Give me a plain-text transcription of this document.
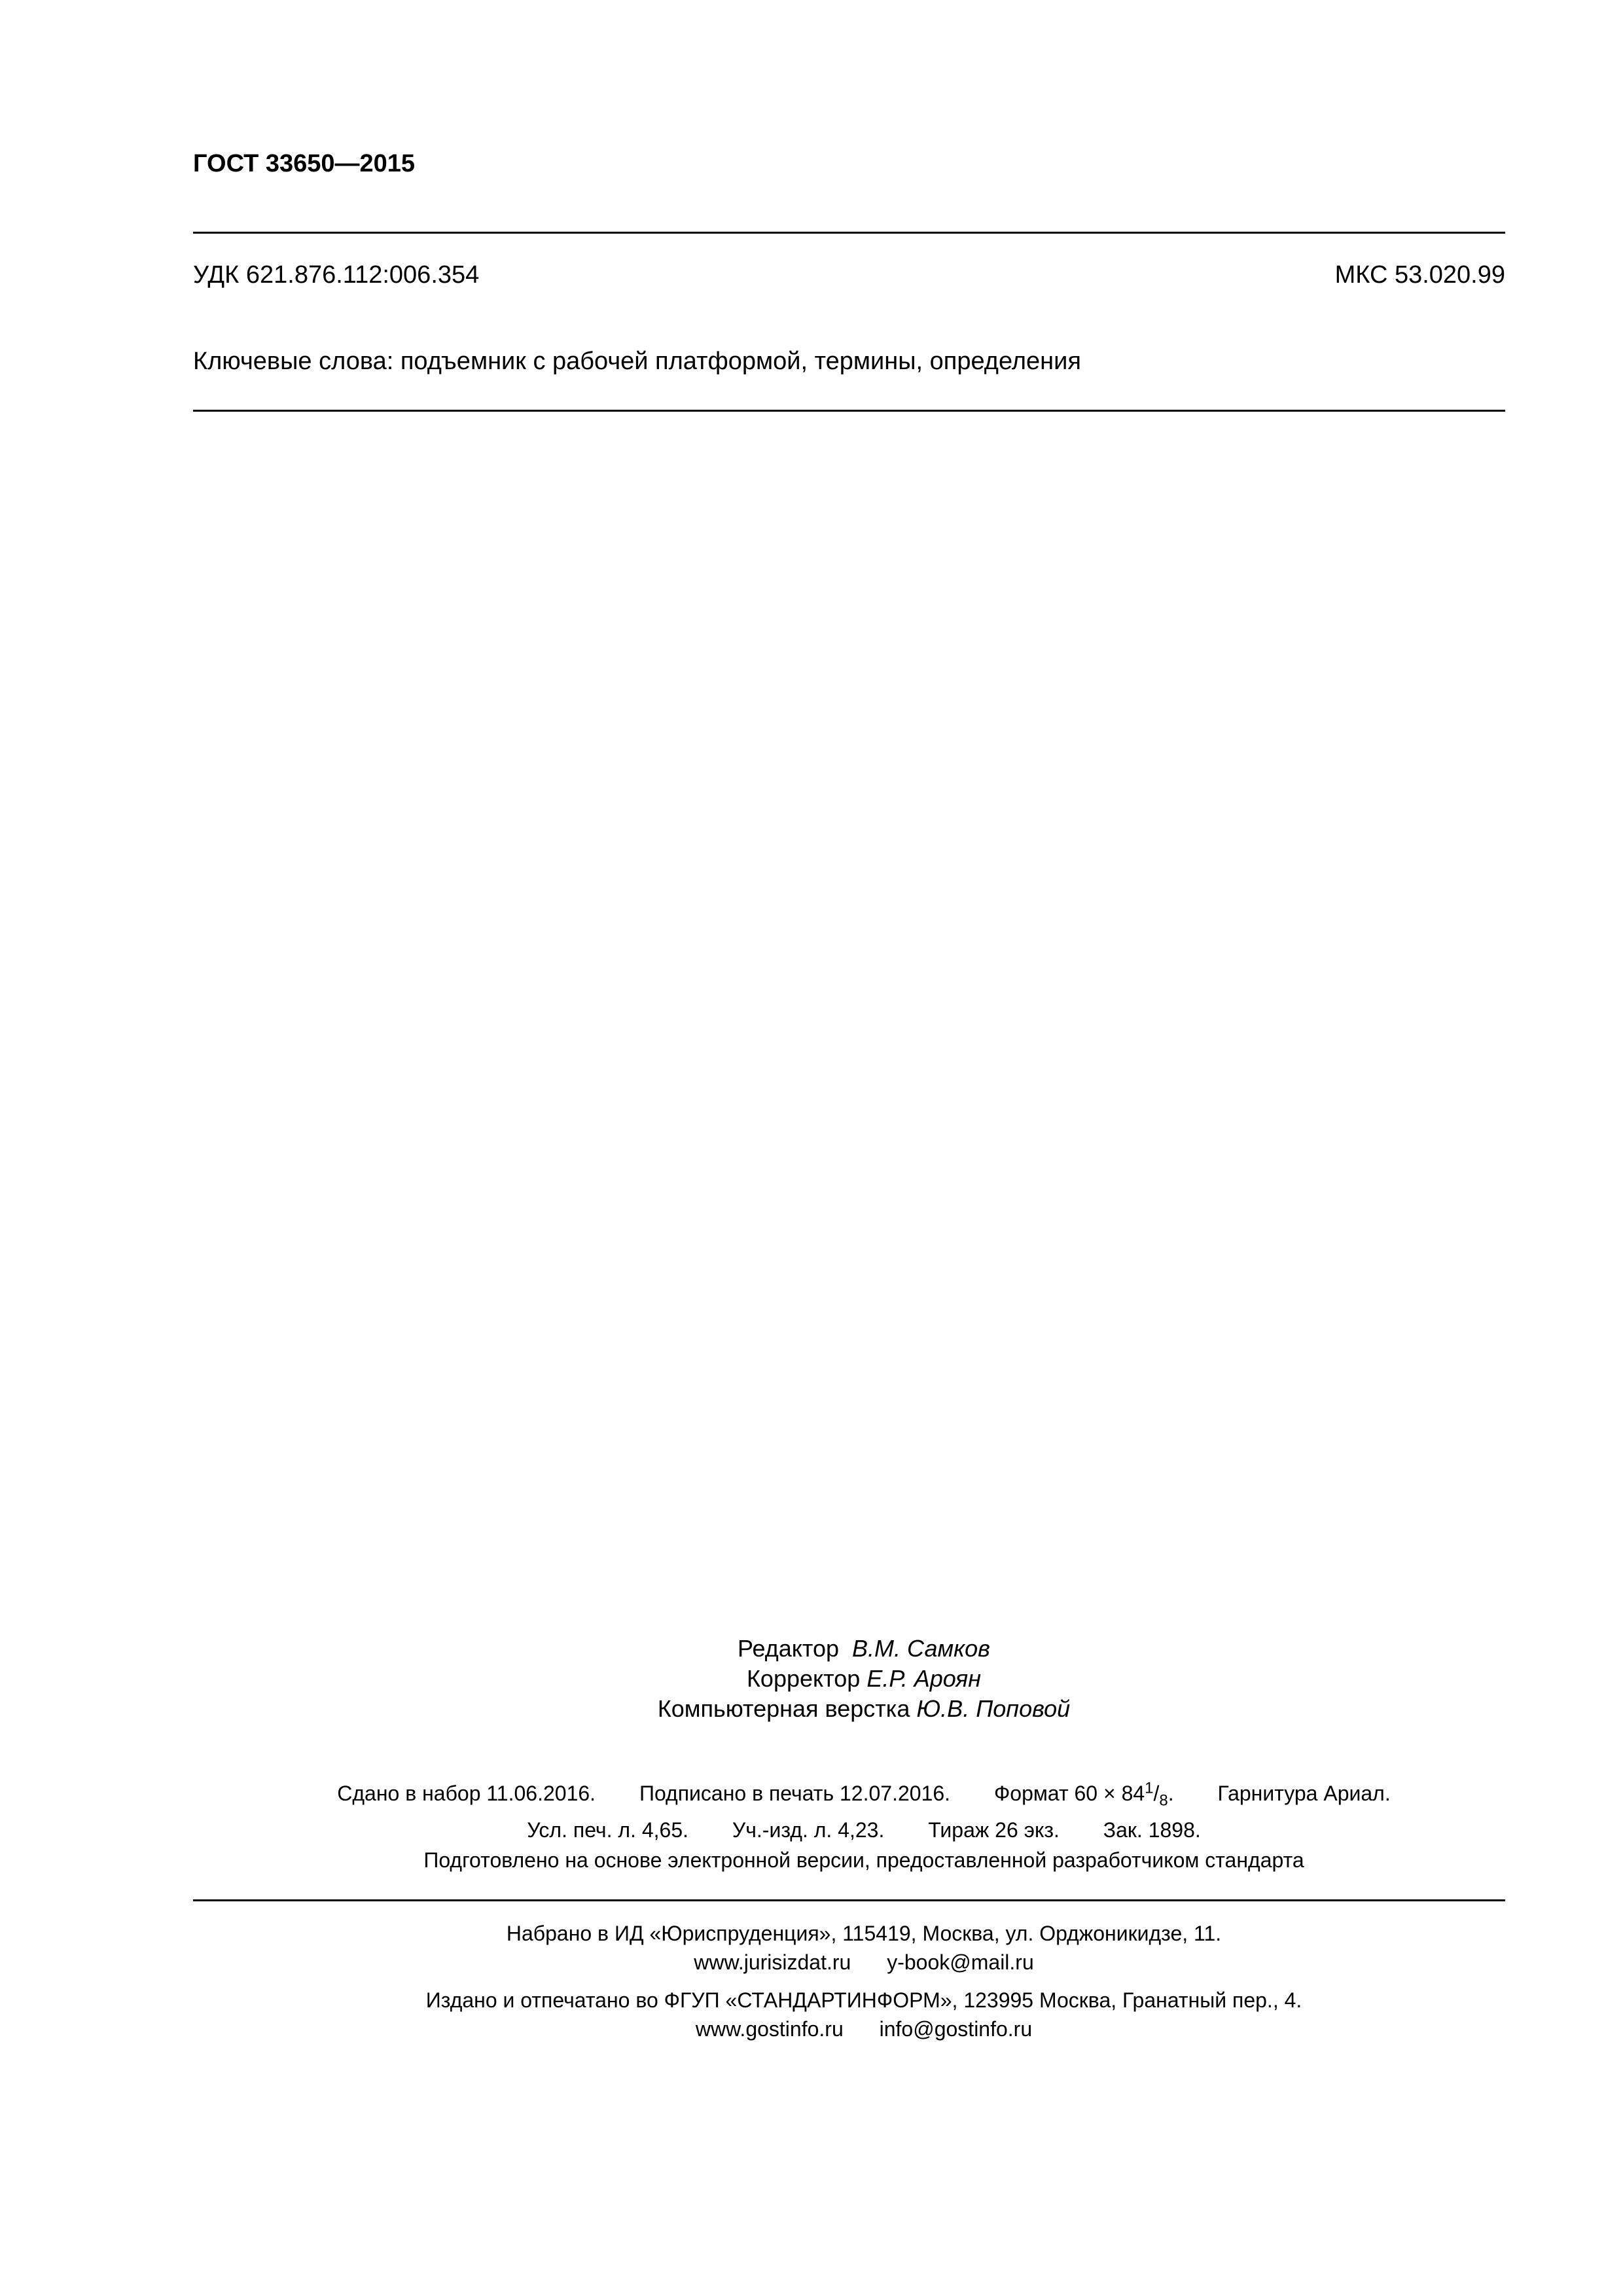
ГОСТ 33650—2015
УДК 621.876.112:006.354	МКС 53.020.99
Ключевые слова: подъемник с рабочей платформой, термины, определения
Редактор В.М. Самков
Корректор Е.Р. Ароян
Компьютерная верстка Ю.В. Поповой
Сдано в набор 11.06.2016. Подписано в печать 12.07.2016. Формат $60 \times 84^1/_8$. Гарнитура Ариал.
Усл. печ. л. 4,65. Уч.-изд. л. 4,23. Тираж 26 экз. Зак. 1898.
Подготовлено на основе электронной версии, предоставленной разработчиком стандарта
Набрано в ИД «Юриспруденция», 115419, Москва, ул. Орджоникидзе, 11.
www.jurisizdat.ru y-book@mail.ru
Издано и отпечатано во ФГУП «СТАНДАРТИНФОРМ», 123995 Москва, Гранатный пер., 4.
www.gostinfo.ru info@gostinfo.ru
